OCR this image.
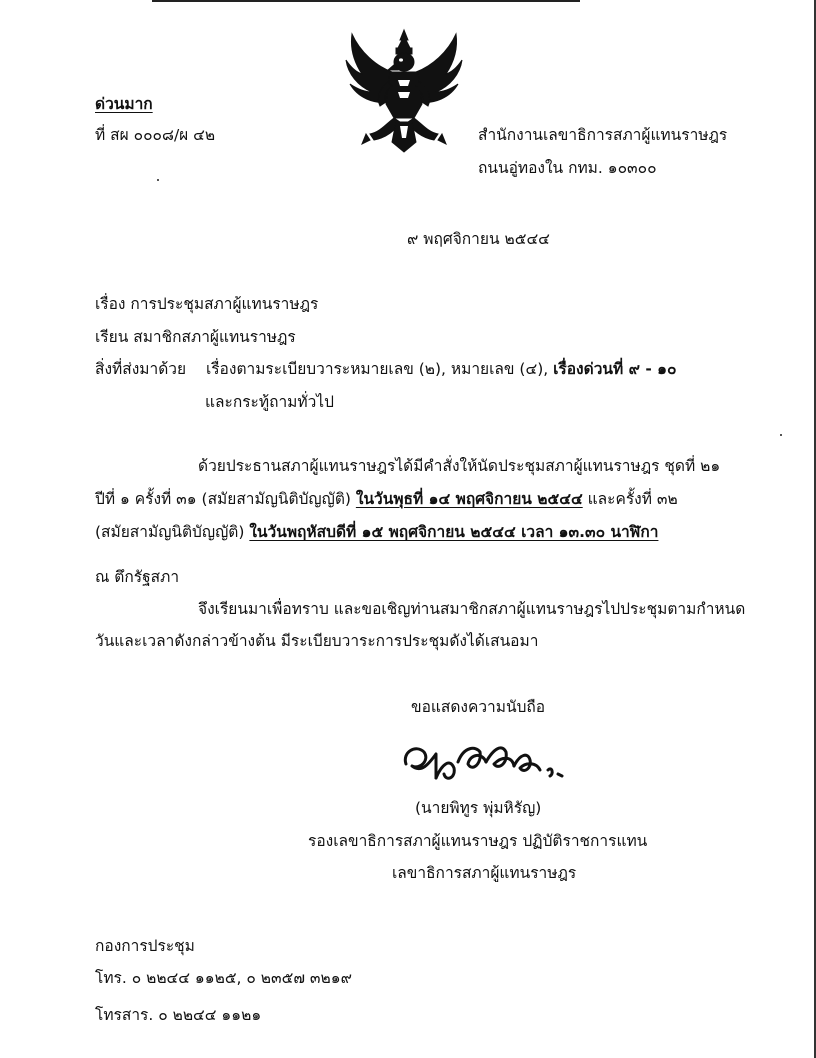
ด่วนมาก
ที่ สผ ๐๐๐๘/ผ ๔๒	สำนักงานเลขาธิการสภาผู้แทนราษฎร
ถนนอู่ทองใน กทม. ๑๐๓๐๐
๙ พฤศจิกายน ๒๕๔๔
เรื่อง การประชุมสภาผู้แทนราษฎร
เรียน สมาชิกสภาผู้แทนราษฎร
สิ่งที่ส่งมาด้วย เรื่องตามระเบียบวาระหมายเลข (๒), หมายเลข (๔), เรื่องด่วนที่ ๙ - ๑๐
และกระทู้ถามทั่วไป
ด้วยประธานสภาผู้แทนราษฎรได้มีคำสั่งให้นัดประชุมสภาผู้แทนราษฎร ชุดที่ ๒๑
ปีที่ ๑ ครั้งที่ ๓๑ (สมัยสามัญนิติบัญญัติ) ในวันพุธที่ ๑๔ พฤศจิกายน ๒๕๔๔ และครั้งที่ ๓๒
(สมัยสามัญนิติบัญญัติ) ในวันพฤหัสบดีที่ ๑๕ พฤศจิกายน ๒๕๔๔ เวลา ๑๓.๓๐ นาฬิกา
ณ ตึกรัฐสภา
จึงเรียนมาเพื่อทราบ และขอเชิญท่านสมาชิกสภาผู้แทนราษฎรไปประชุมตามกำหนด
วันและเวลาดังกล่าวข้างต้น มีระเบียบวาระการประชุมดังได้เสนอมา
ขอแสดงความนับถือ
(นายพิทูร พุ่มหิรัญ)
รองเลขาธิการสภาผู้แทนราษฎร ปฏิบัติราชการแทน
เลขาธิการสภาผู้แทนราษฎร
กองการประชุม
โทร. ๐ ๒๒๔๔ ๑๑๒๕, ๐ ๒๓๕๗ ๓๒๑๙
โทรสาร. ๐ ๒๒๔๔ ๑๑๒๑
